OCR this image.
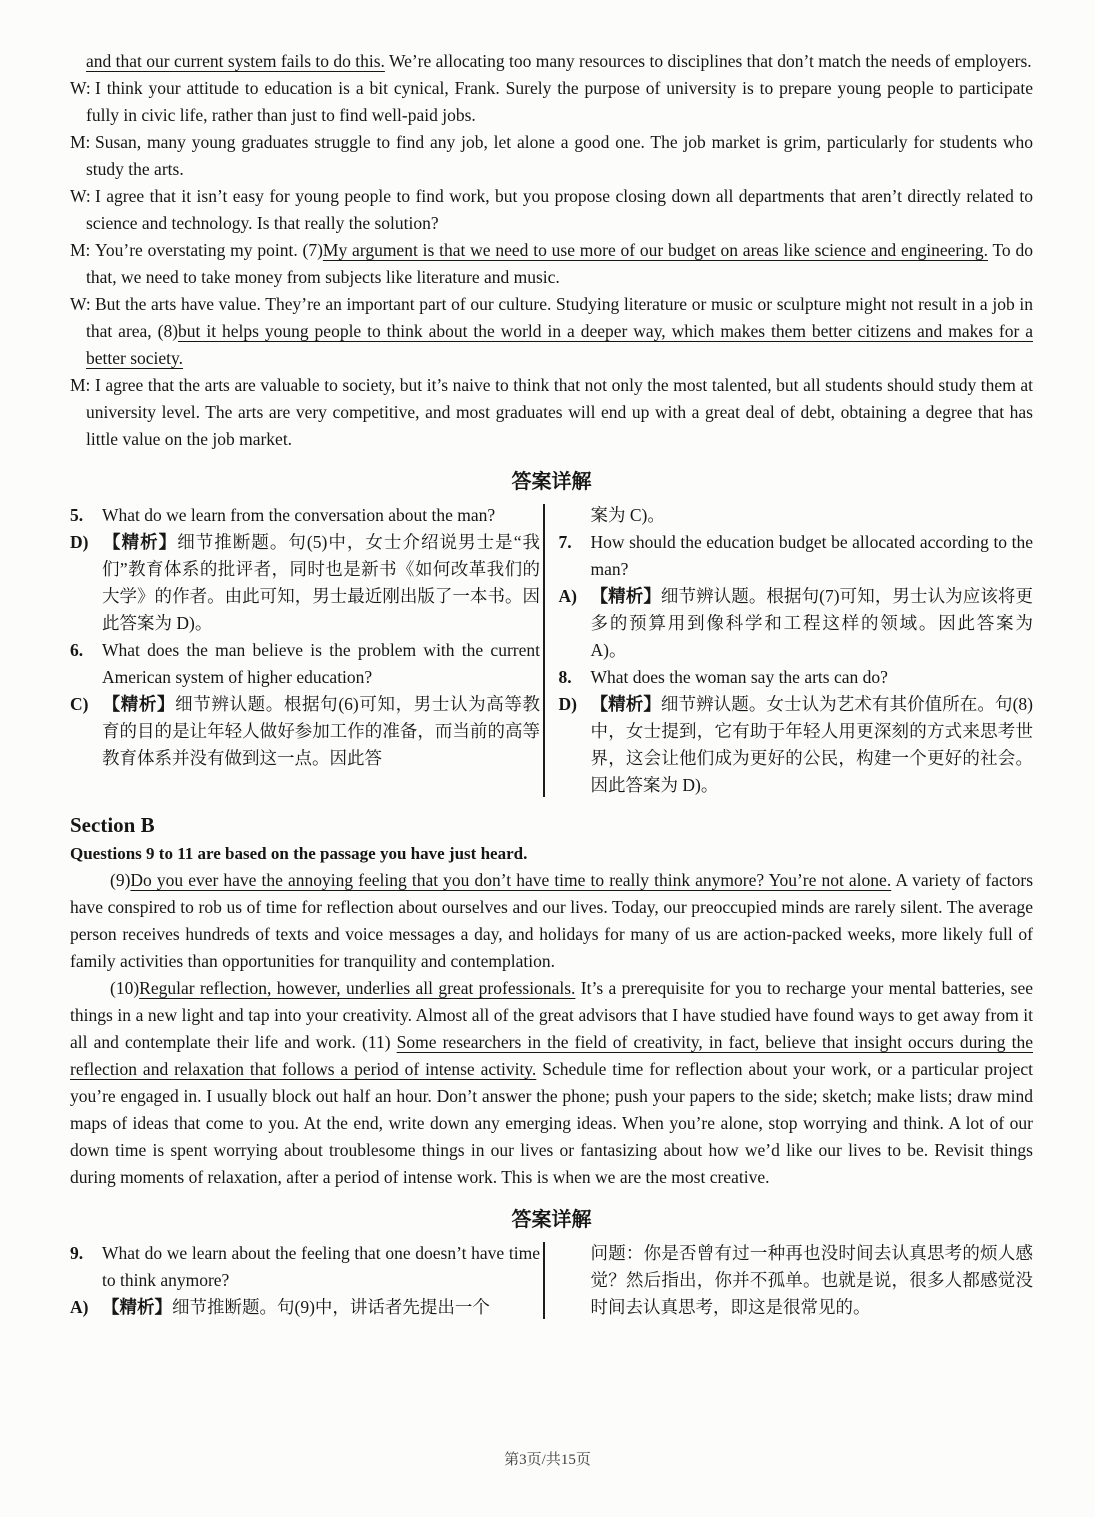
and that our current system fails to do this. We’re allocating too many resources to disciplines that don’t match the needs of employers.

W: I think your attitude to education is a bit cynical, Frank. Surely the purpose of university is to prepare young people to participate fully in civic life, rather than just to find well-paid jobs.

M: Susan, many young graduates struggle to find any job, let alone a good one. The job market is grim, particularly for students who study the arts.

W: I agree that it isn’t easy for young people to find work, but you propose closing down all departments that aren’t directly related to science and technology. Is that really the solution?

M: You’re overstating my point. (7)My argument is that we need to use more of our budget on areas like science and engineering. To do that, we need to take money from subjects like literature and music.

W: But the arts have value. They’re an important part of our culture. Studying literature or music or sculpture might not result in a job in that area, (8)but it helps young people to think about the world in a deeper way, which makes them better citizens and makes for a better society.

M: I agree that the arts are valuable to society, but it’s naive to think that not only the most talented, but all students should study them at university level. The arts are very competitive, and most graduates will end up with a great deal of debt, obtaining a degree that has little value on the job market.

答案详解

5. What do we learn from the conversation about the man?

D) 【精析】细节推断题。句(5)中，女士介绍说男士是“我们”教育体系的批评者，同时也是新书《如何改革我们的大学》的作者。由此可知，男士最近刚出版了一本书。因此答案为 D)。

6. What does the man believe is the problem with the current American system of higher education?

C) 【精析】细节辨认题。根据句(6)可知，男士认为高等教育的目的是让年轻人做好参加工作的准备，而当前的高等教育体系并没有做到这一点。因此答

案为 C)。

7. How should the education budget be allocated according to the man?

A) 【精析】细节辨认题。根据句(7)可知，男士认为应该将更多的预算用到像科学和工程这样的领域。因此答案为 A)。

8. What does the woman say the arts can do?

D) 【精析】细节辨认题。女士认为艺术有其价值所在。句(8)中，女士提到，它有助于年轻人用更深刻的方式来思考世界，这会让他们成为更好的公民，构建一个更好的社会。因此答案为 D)。

Section B

Questions 9 to 11 are based on the passage you have just heard.

(9)Do you ever have the annoying feeling that you don’t have time to really think anymore? You’re not alone. A variety of factors have conspired to rob us of time for reflection about ourselves and our lives. Today, our preoccupied minds are rarely silent. The average person receives hundreds of texts and voice messages a day, and holidays for many of us are action-packed weeks, more likely full of family activities than opportunities for tranquility and contemplation.

(10)Regular reflection, however, underlies all great professionals. It’s a prerequisite for you to recharge your mental batteries, see things in a new light and tap into your creativity. Almost all of the great advisors that I have studied have found ways to get away from it all and contemplate their life and work. (11) Some researchers in the field of creativity, in fact, believe that insight occurs during the reflection and relaxation that follows a period of intense activity. Schedule time for reflection about your work, or a particular project you’re engaged in. I usually block out half an hour. Don’t answer the phone; push your papers to the side; sketch; make lists; draw mind maps of ideas that come to you. At the end, write down any emerging ideas. When you’re alone, stop worrying and think. A lot of our down time is spent worrying about troublesome things in our lives or fantasizing about how we’d like our lives to be. Revisit things during moments of relaxation, after a period of intense work. This is when we are the most creative.

答案详解

9. What do we learn about the feeling that one doesn’t have time to think anymore?

A) 【精析】细节推断题。句(9)中，讲话者先提出一个

问题：你是否曾有过一种再也没时间去认真思考的烦人感觉？然后指出，你并不孤单。也就是说，很多人都感觉没时间去认真思考，即这是很常见的。

第3页/共15页
